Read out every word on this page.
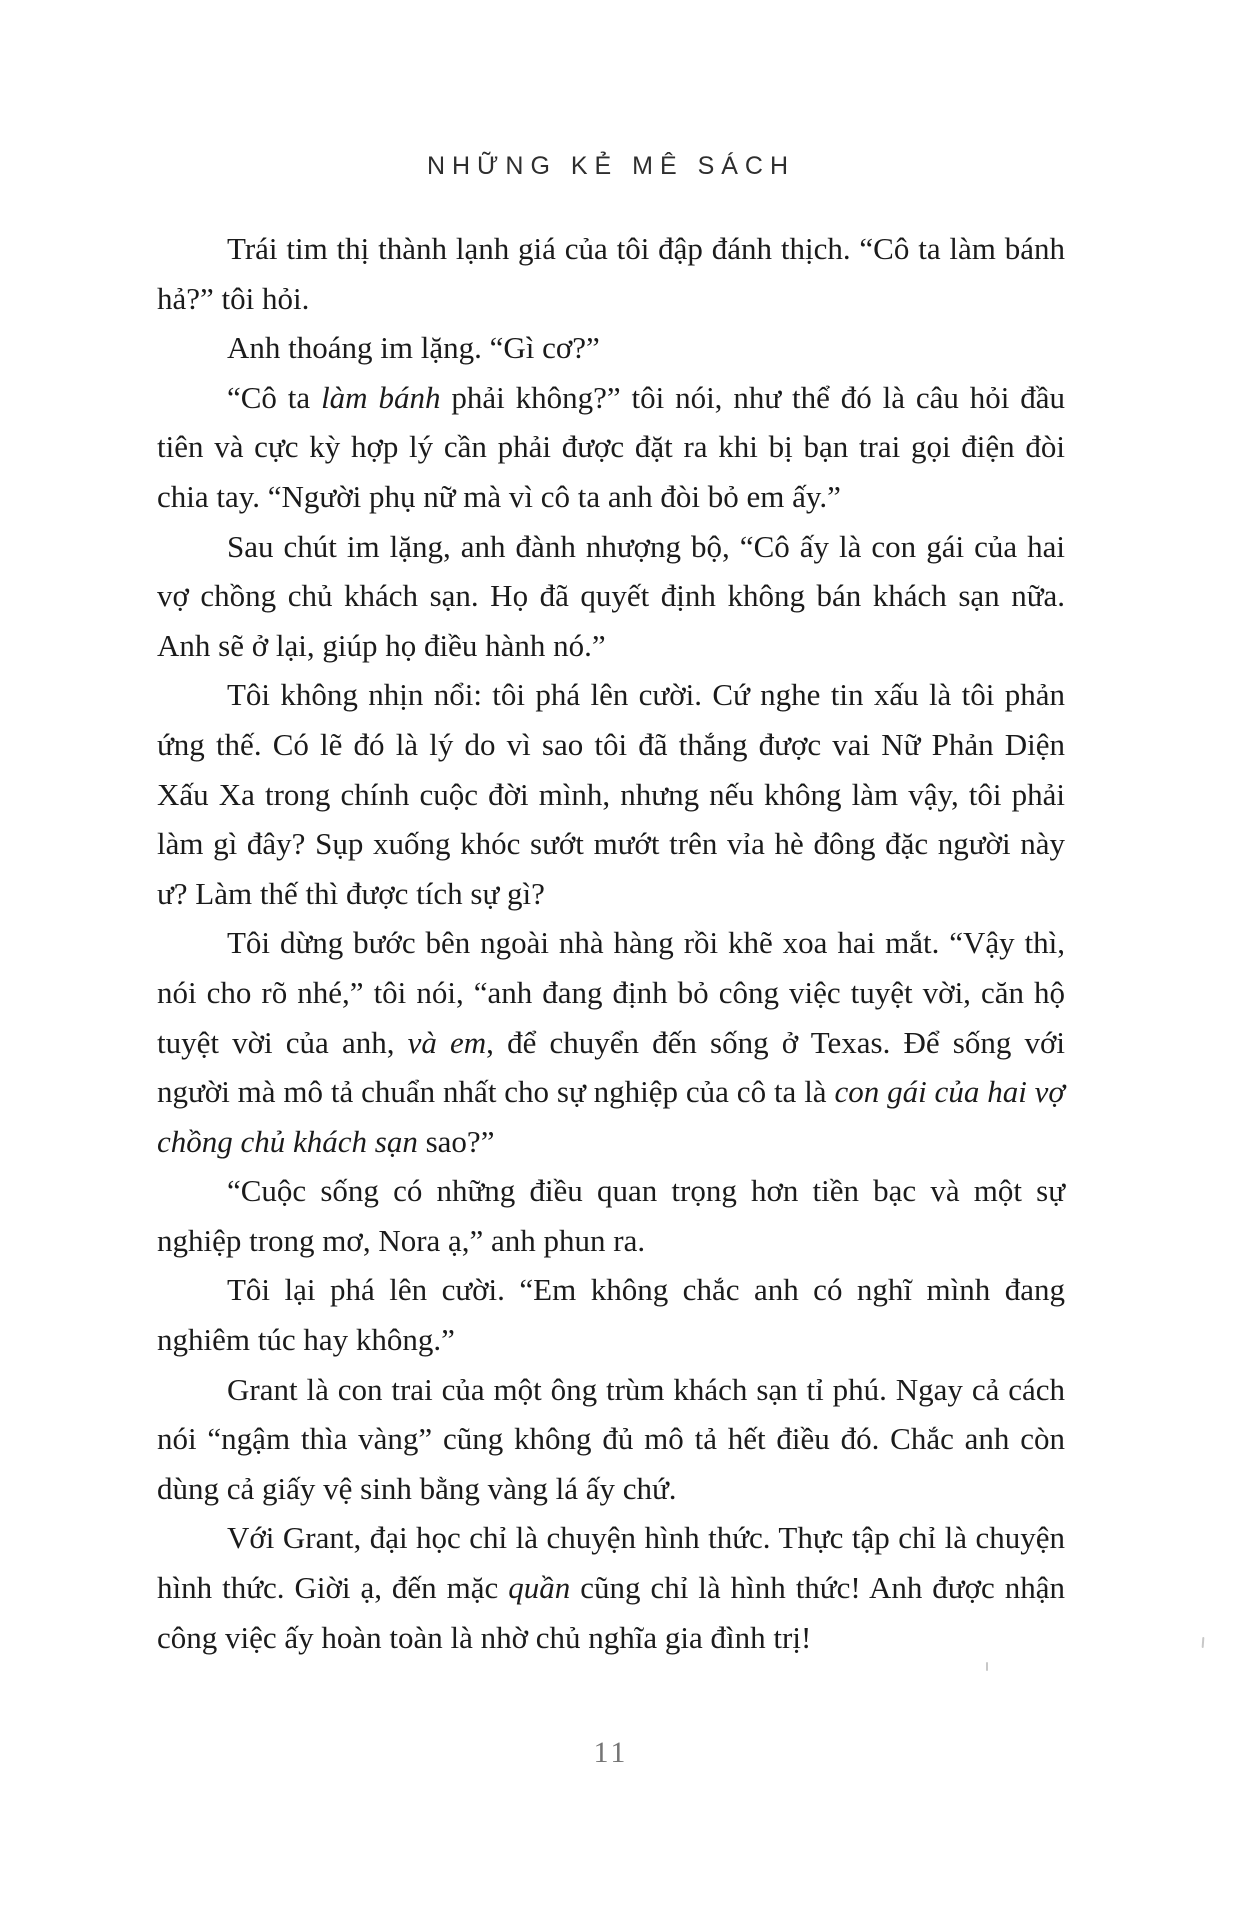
NHỮNG KẺ MÊ SÁCH

Trái tim thị thành lạnh giá của tôi đập đánh thịch. “Cô ta làm bánh hả?” tôi hỏi.

Anh thoáng im lặng. “Gì cơ?”

“Cô ta làm bánh phải không?” tôi nói, như thể đó là câu hỏi đầu tiên và cực kỳ hợp lý cần phải được đặt ra khi bị bạn trai gọi điện đòi chia tay. “Người phụ nữ mà vì cô ta anh đòi bỏ em ấy.”

Sau chút im lặng, anh đành nhượng bộ, “Cô ấy là con gái của hai vợ chồng chủ khách sạn. Họ đã quyết định không bán khách sạn nữa. Anh sẽ ở lại, giúp họ điều hành nó.”

Tôi không nhịn nổi: tôi phá lên cười. Cứ nghe tin xấu là tôi phản ứng thế. Có lẽ đó là lý do vì sao tôi đã thắng được vai Nữ Phản Diện Xấu Xa trong chính cuộc đời mình, nhưng nếu không làm vậy, tôi phải làm gì đây? Sụp xuống khóc sướt mướt trên vỉa hè đông đặc người này ư? Làm thế thì được tích sự gì?

Tôi dừng bước bên ngoài nhà hàng rồi khẽ xoa hai mắt. “Vậy thì, nói cho rõ nhé,” tôi nói, “anh đang định bỏ công việc tuyệt vời, căn hộ tuyệt vời của anh, và em, để chuyển đến sống ở Texas. Để sống với người mà mô tả chuẩn nhất cho sự nghiệp của cô ta là con gái của hai vợ chồng chủ khách sạn sao?”

“Cuộc sống có những điều quan trọng hơn tiền bạc và một sự nghiệp trong mơ, Nora ạ,” anh phun ra.

Tôi lại phá lên cười. “Em không chắc anh có nghĩ mình đang nghiêm túc hay không.”

Grant là con trai của một ông trùm khách sạn tỉ phú. Ngay cả cách nói “ngậm thìa vàng” cũng không đủ mô tả hết điều đó. Chắc anh còn dùng cả giấy vệ sinh bằng vàng lá ấy chứ.

Với Grant, đại học chỉ là chuyện hình thức. Thực tập chỉ là chuyện hình thức. Giời ạ, đến mặc quần cũng chỉ là hình thức! Anh được nhận công việc ấy hoàn toàn là nhờ chủ nghĩa gia đình trị!

11
